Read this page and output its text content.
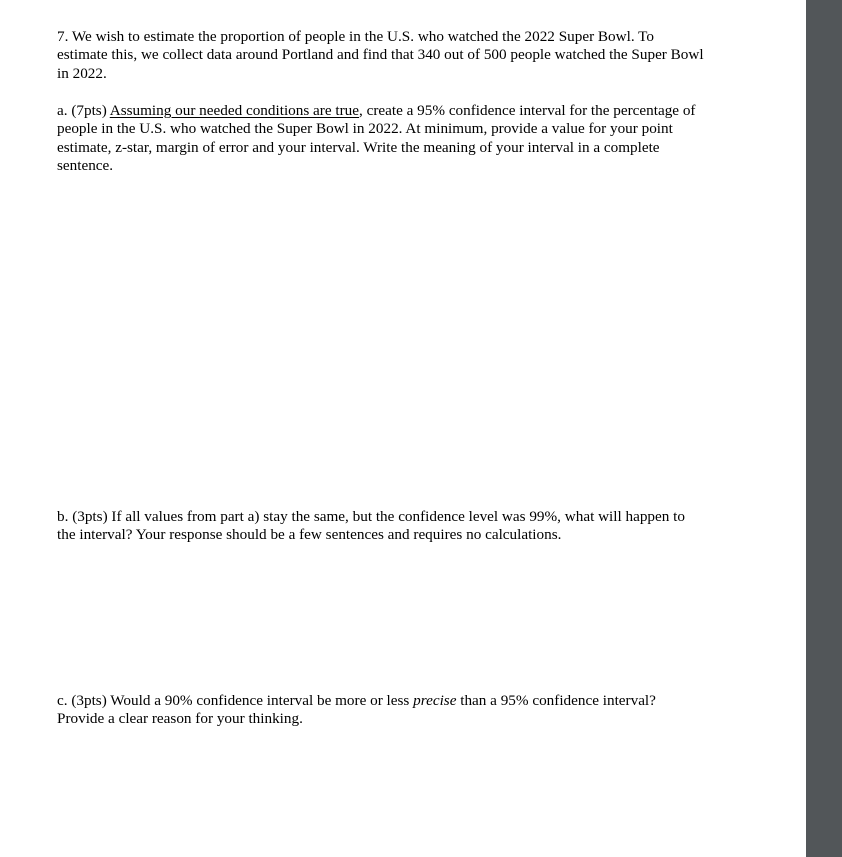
7. We wish to estimate the proportion of people in the U.S. who watched the 2022 Super Bowl. To
estimate this, we collect data around Portland and find that 340 out of 500 people watched the Super Bowl
in 2022.

a. (7pts) Assuming our needed conditions are true, create a 95% confidence interval for the percentage of
people in the U.S. who watched the Super Bowl in 2022. At minimum, provide a value for your point
estimate, z-star, margin of error and your interval. Write the meaning of your interval in a complete
sentence.

b. (3pts) If all values from part a) stay the same, but the confidence level was 99%, what will happen to
the interval? Your response should be a few sentences and requires no calculations.

c. (3pts) Would a 90% confidence interval be more or less precise than a 95% confidence interval?
Provide a clear reason for your thinking.
